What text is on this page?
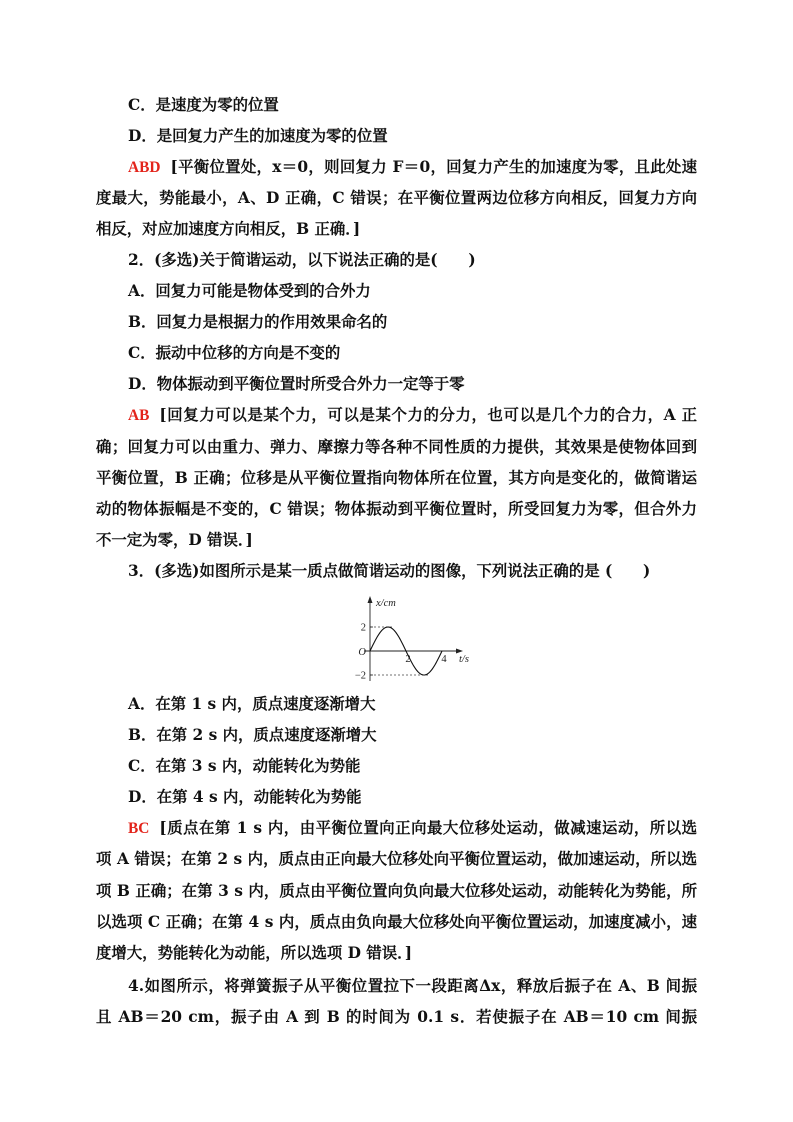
C．是速度为零的位置
D．是回复力产生的加速度为零的位置
ABD [平衡位置处，x＝0，则回复力 F＝0，回复力产生的加速度为零，且此处速
度最大，势能最小，A、D 正确，C 错误；在平衡位置两边位移方向相反，回复力方向
相反，对应加速度方向相反，B 正确．]
2．(多选)关于简谐运动，以下说法正确的是(　　)
A．回复力可能是物体受到的合外力
B．回复力是根据力的作用效果命名的
C．振动中位移的方向是不变的
D．物体振动到平衡位置时所受合外力一定等于零
AB [回复力可以是某个力，可以是某个力的分力，也可以是几个力的合力，A 正
确；回复力可以由重力、弹力、摩擦力等各种不同性质的力提供，其效果是使物体回到
平衡位置，B 正确；位移是从平衡位置指向物体所在位置，其方向是变化的，做简谐运
动的物体振幅是不变的，C 错误；物体振动到平衡位置时，所受回复力为零，但合外力
不一定为零，D 错误．]
3．(多选)如图所示是某一质点做简谐运动的图像，下列说法正确的是 (　　)
2
−2
2	4
O
x/cm
t/s
A．在第 1 s 内，质点速度逐渐增大
B．在第 2 s 内，质点速度逐渐增大
C．在第 3 s 内，动能转化为势能
D．在第 4 s 内，动能转化为势能
BC [质点在第 1 s 内，由平衡位置向正向最大位移处运动，做减速运动，所以选
项 A 错误；在第 2 s 内，质点由正向最大位移处向平衡位置运动，做加速运动，所以选
项 B 正确；在第 3 s 内，质点由平衡位置向负向最大位移处运动，动能转化为势能，所
以选项 C 正确；在第 4 s 内，质点由负向最大位移处向平衡位置运动，加速度减小，速
度增大，势能转化为动能，所以选项 D 错误．]
4.如图所示，将弹簧振子从平衡位置拉下一段距离Δx，释放后振子在 A、B 间振
且 AB＝20 cm，振子由 A 到 B 的时间为 0.1 s．若使振子在 AB＝10 cm 间振
